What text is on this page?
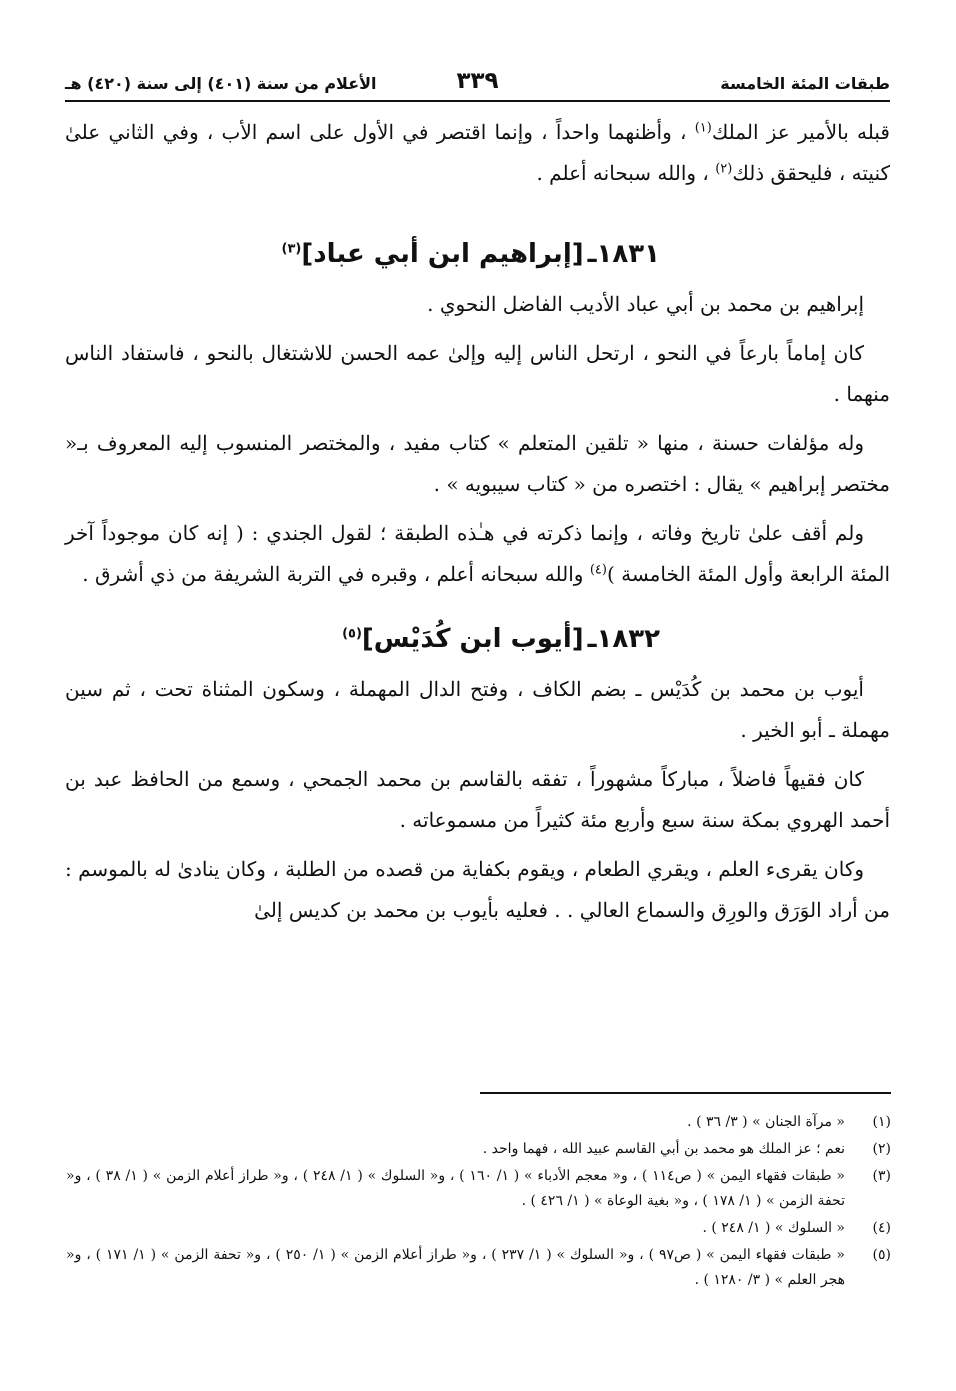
طبقات المئة الخامسة
٣٣٩
الأعلام من سنة (٤٠١) إلى سنة (٤٢٠) هـ

قبله بالأمير عز الملك$^{(١)}$ ، وأظنهما واحداً ، وإنما اقتصر في الأول على اسم الأب ، وفي الثاني علىٰ كنيته ، فليحقق ذلك$^{(٢)}$ ، والله سبحانه أعلم .

١٨٣١ـ[إبراهيم ابن أبي عباد]$^{(٣)}$

إبراهيم بن محمد بن أبي عباد الأديب الفاضل النحوي .

كان إماماً بارعاً في النحو ، ارتحل الناس إليه وإلىٰ عمه الحسن للاشتغال بالنحو ، فاستفاد الناس منهما .

وله مؤلفات حسنة ، منها « تلقين المتعلم » كتاب مفيد ، والمختصر المنسوب إليه المعروف بـ« مختصر إبراهيم » يقال : اختصره من « كتاب سيبويه » .

ولم أقف علىٰ تاريخ وفاته ، وإنما ذكرته في هـٰذه الطبقة ؛ لقول الجندي : ( إنه كان موجوداً آخر المئة الرابعة وأول المئة الخامسة )$^{(٤)}$ والله سبحانه أعلم ، وقبره في التربة الشريفة من ذي أشرق .

١٨٣٢ـ[أيوب ابن كُدَيْس]$^{(٥)}$

أيوب بن محمد بن كُدَيْس ـ بضم الكاف ، وفتح الدال المهملة ، وسكون المثناة تحت ، ثم سين مهملة ـ أبو الخير .

كان فقيهاً فاضلاً ، مباركاً مشهوراً ، تفقه بالقاسم بن محمد الجمحي ، وسمع من الحافظ عبد بن أحمد الهروي بمكة سنة سبع وأربع مئة كثيراً من مسموعاته .

وكان يقرىء العلم ، ويقري الطعام ، ويقوم بكفاية من قصده من الطلبة ، وكان ينادىٰ له بالموسم : من أراد الوَرَق والورِق والسماع العالي . . فعليه بأيوب بن محمد بن كديس إلىٰ

(١)
« مرآة الجنان » ( ٣/ ٣٦ ) .
(٢)
نعم ؛ عز الملك هو محمد بن أبي القاسم عبيد الله ، فهما واحد .
(٣)
« طبقات فقهاء اليمن » ( ص١١٤ ) ، و« معجم الأدباء » ( ١/ ١٦٠ ) ، و« السلوك » ( ١/ ٢٤٨ ) ، و« طراز أعلام الزمن » ( ١/ ٣٨ ) ، و« تحفة الزمن » ( ١/ ١٧٨ ) ، و« بغية الوعاة » ( ١/ ٤٢٦ ) .
(٤)
« السلوك » ( ١/ ٢٤٨ ) .
(٥)
« طبقات فقهاء اليمن » ( ص٩٧ ) ، و« السلوك » ( ١/ ٢٣٧ ) ، و« طراز أعلام الزمن » ( ١/ ٢٥٠ ) ، و« تحفة الزمن » ( ١/ ١٧١ ) ، و« هجر العلم » ( ٣/ ١٢٨٠ ) .
